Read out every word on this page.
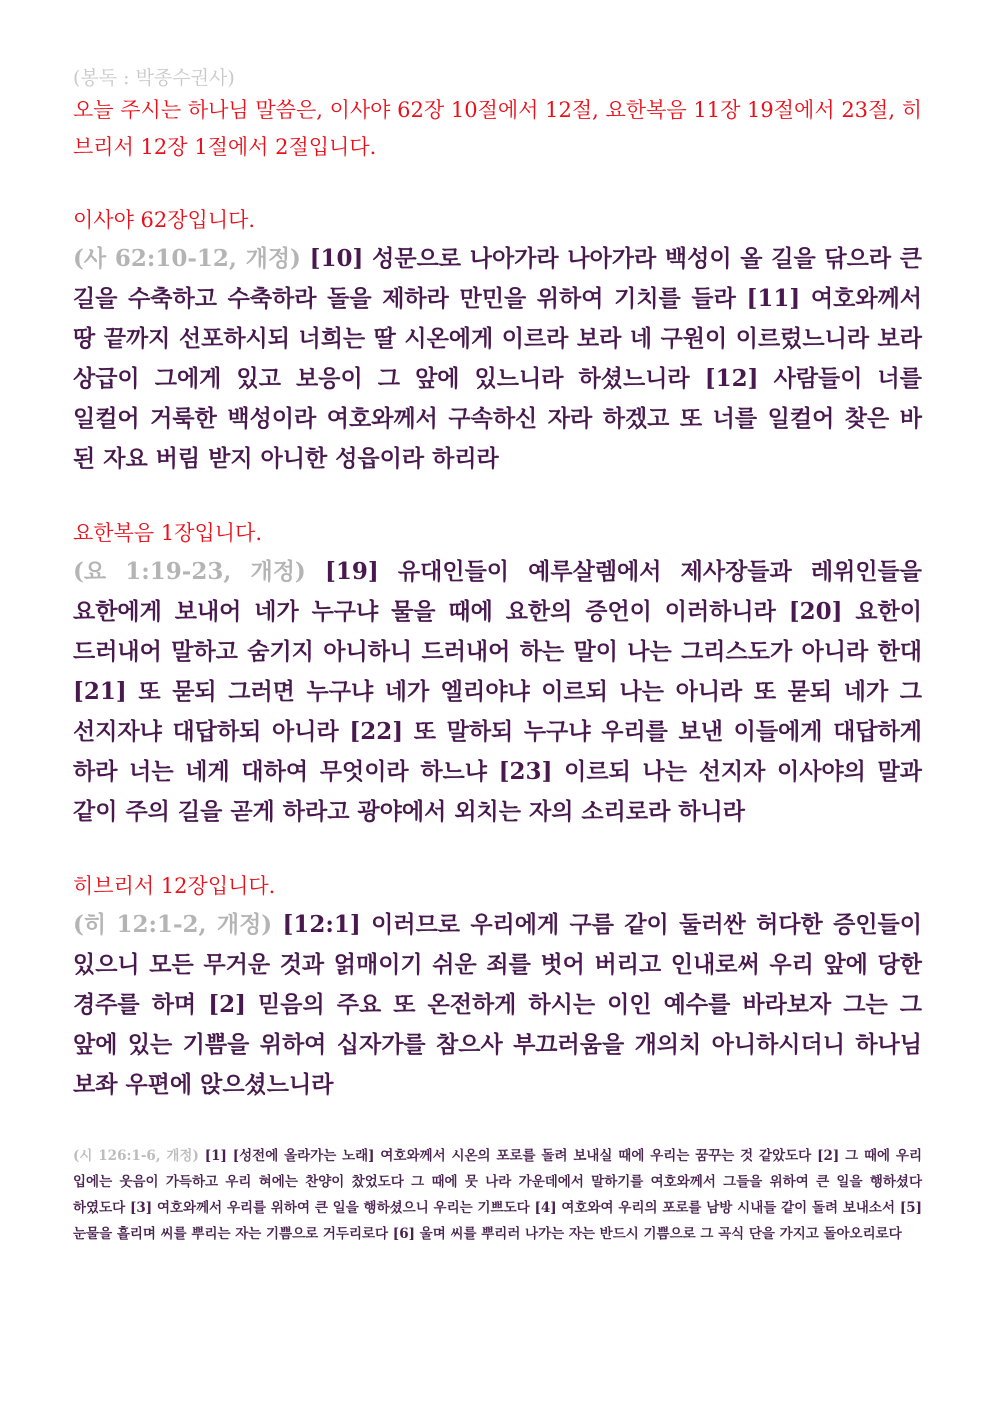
(봉독 : 박종수권사)

오늘 주시는 하나님 말씀은, 이사야 62장 10절에서 12절, 요한복음 11장 19절에서 23절, 히브리서 12장 1절에서 2절입니다.

이사야 62장입니다.

(사 62:10-12, 개정) [10] 성문으로 나아가라 나아가라 백성이 올 길을 닦으라 큰 길을 수축하고 수축하라 돌을 제하라 만민을 위하여 기치를 들라 [11] 여호와께서 땅 끝까지 선포하시되 너희는 딸 시온에게 이르라 보라 네 구원이 이르렀느니라 보라 상급이 그에게 있고 보응이 그 앞에 있느니라 하셨느니라 [12] 사람들이 너를 일컬어 거룩한 백성이라 여호와께서 구속하신 자라 하겠고 또 너를 일컬어 찾은 바 된 자요 버림 받지 아니한 성읍이라 하리라

요한복음 1장입니다.

(요 1:19-23, 개정) [19] 유대인들이 예루살렘에서 제사장들과 레위인들을 요한에게 보내어 네가 누구냐 물을 때에 요한의 증언이 이러하니라 [20] 요한이 드러내어 말하고 숨기지 아니하니 드러내어 하는 말이 나는 그리스도가 아니라 한대 [21] 또 묻되 그러면 누구냐 네가 엘리야냐 이르되 나는 아니라 또 묻되 네가 그 선지자냐 대답하되 아니라 [22] 또 말하되 누구냐 우리를 보낸 이들에게 대답하게 하라 너는 네게 대하여 무엇이라 하느냐 [23] 이르되 나는 선지자 이사야의 말과 같이 주의 길을 곧게 하라고 광야에서 외치는 자의 소리로라 하니라

히브리서 12장입니다.

(히 12:1-2, 개정) [12:1] 이러므로 우리에게 구름 같이 둘러싼 허다한 증인들이 있으니 모든 무거운 것과 얽매이기 쉬운 죄를 벗어 버리고 인내로써 우리 앞에 당한 경주를 하며 [2] 믿음의 주요 또 온전하게 하시는 이인 예수를 바라보자 그는 그 앞에 있는 기쁨을 위하여 십자가를 참으사 부끄러움을 개의치 아니하시더니 하나님 보좌 우편에 앉으셨느니라

(시 126:1-6, 개정) [1] [성전에 올라가는 노래] 여호와께서 시온의 포로를 돌려 보내실 때에 우리는 꿈꾸는 것 같았도다 [2] 그 때에 우리 입에는 웃음이 가득하고 우리 혀에는 찬양이 찼었도다 그 때에 뭇 나라 가운데에서 말하기를 여호와께서 그들을 위하여 큰 일을 행하셨다 하였도다 [3] 여호와께서 우리를 위하여 큰 일을 행하셨으니 우리는 기쁘도다 [4] 여호와여 우리의 포로를 남방 시내들 같이 돌려 보내소서 [5] 눈물을 흘리며 씨를 뿌리는 자는 기쁨으로 거두리로다 [6] 울며 씨를 뿌리러 나가는 자는 반드시 기쁨으로 그 곡식 단을 가지고 돌아오리로다
